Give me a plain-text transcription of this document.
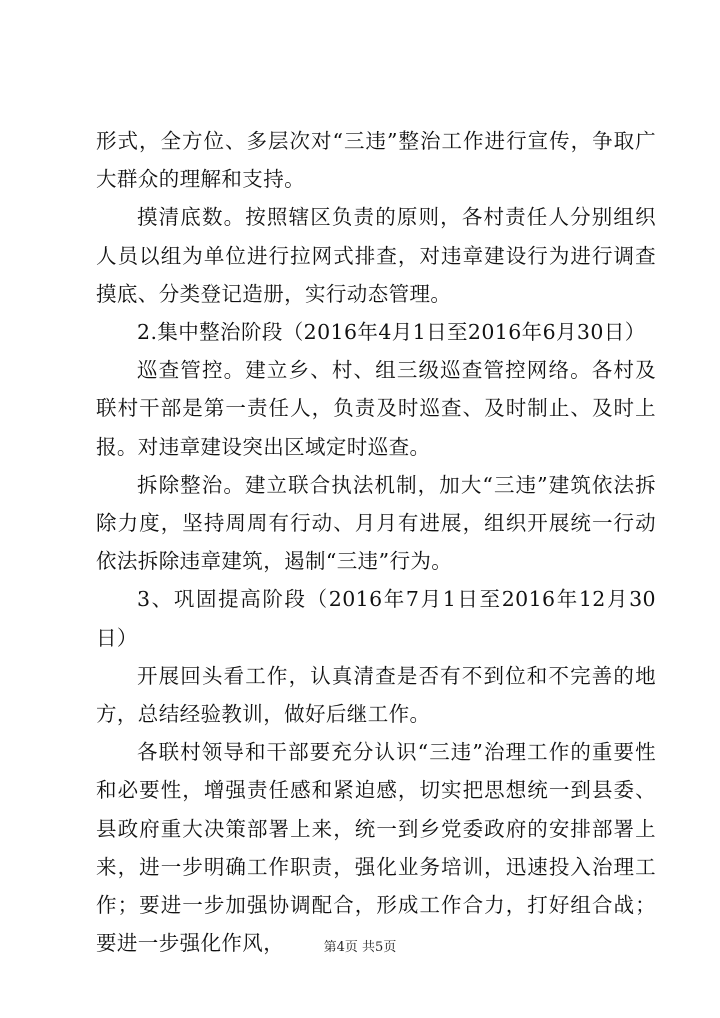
形式，全方位、多层次对“三违”整治工作进行宣传，争取广大群众的理解和支持。

摸清底数。按照辖区负责的原则，各村责任人分别组织人员以组为单位进行拉网式排查，对违章建设行为进行调查摸底、分类登记造册，实行动态管理。

2.集中整治阶段（2016年4月1日至2016年6月30日）

巡查管控。建立乡、村、组三级巡查管控网络。各村及联村干部是第一责任人，负责及时巡查、及时制止、及时上报。对违章建设突出区域定时巡查。

拆除整治。建立联合执法机制，加大“三违”建筑依法拆除力度，坚持周周有行动、月月有进展，组织开展统一行动依法拆除违章建筑，遏制“三违”行为。

3、巩固提高阶段（2016年7月1日至2016年12月30日）

开展回头看工作，认真清查是否有不到位和不完善的地方，总结经验教训，做好后继工作。

各联村领导和干部要充分认识“三违”治理工作的重要性和必要性，增强责任感和紧迫感，切实把思想统一到县委、县政府重大决策部署上来，统一到乡党委政府的安排部署上来，进一步明确工作职责，强化业务培训，迅速投入治理工作；要进一步加强协调配合，形成工作合力，打好组合战；要进一步强化作风，	第4页 共5页
